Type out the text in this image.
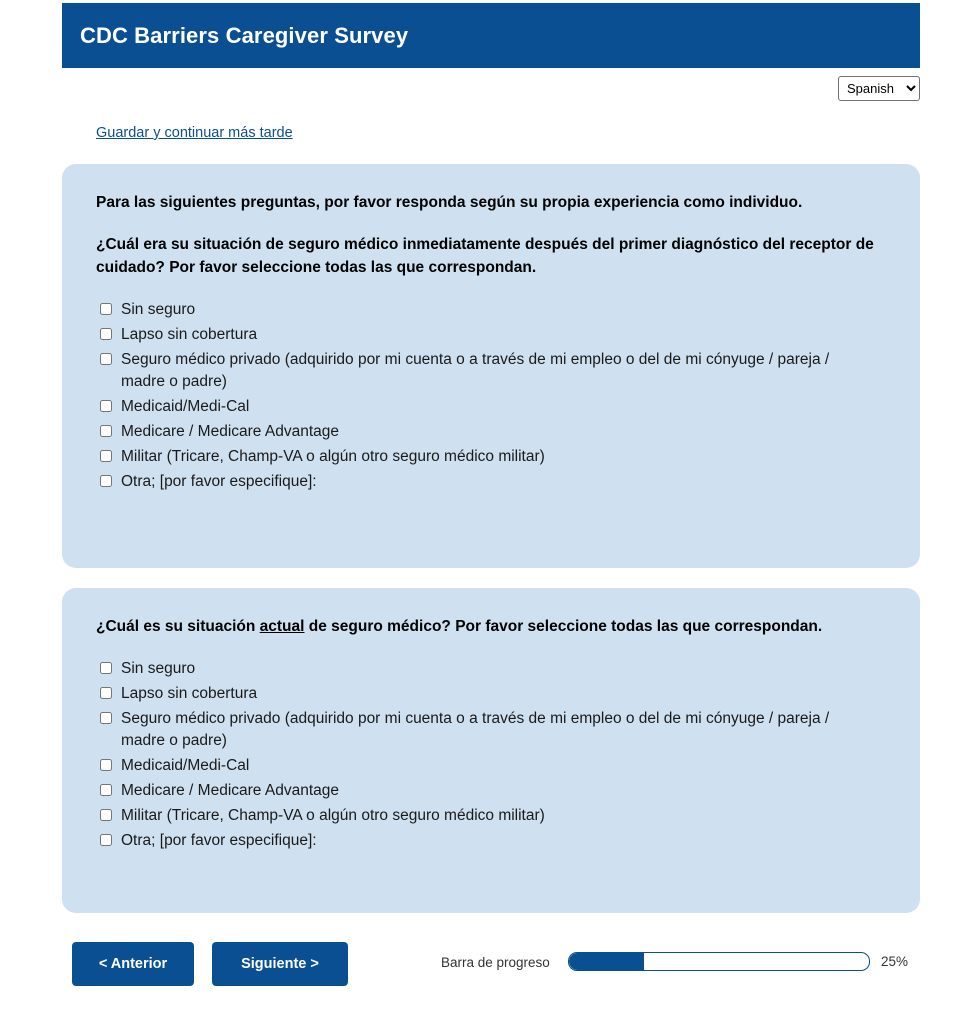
CDC Barriers Caregiver Survey
Spanish
Guardar y continuar más tarde

Para las siguientes preguntas, por favor responda según su propia experiencia como individuo.

¿Cuál era su situación de seguro médico inmediatamente después del primer diagnóstico del receptor de cuidado? Por favor seleccione todas las que correspondan.

Sin seguro
Lapso sin cobertura
Seguro médico privado (adquirido por mi cuenta o a través de mi empleo o del de mi cónyuge / pareja / madre o padre)
Medicaid/Medi-Cal
Medicare / Medicare Advantage
Militar (Tricare, Champ-VA o algún otro seguro médico militar)
Otra; [por favor especifique]:

¿Cuál es su situación actual de seguro médico? Por favor seleccione todas las que correspondan.

Sin seguro
Lapso sin cobertura
Seguro médico privado (adquirido por mi cuenta o a través de mi empleo o del de mi cónyuge / pareja / madre o padre)
Medicaid/Medi-Cal
Medicare / Medicare Advantage
Militar (Tricare, Champ-VA o algún otro seguro médico militar)
Otra; [por favor especifique]:
< Anterior	Siguiente >	Barra de progreso	25%
